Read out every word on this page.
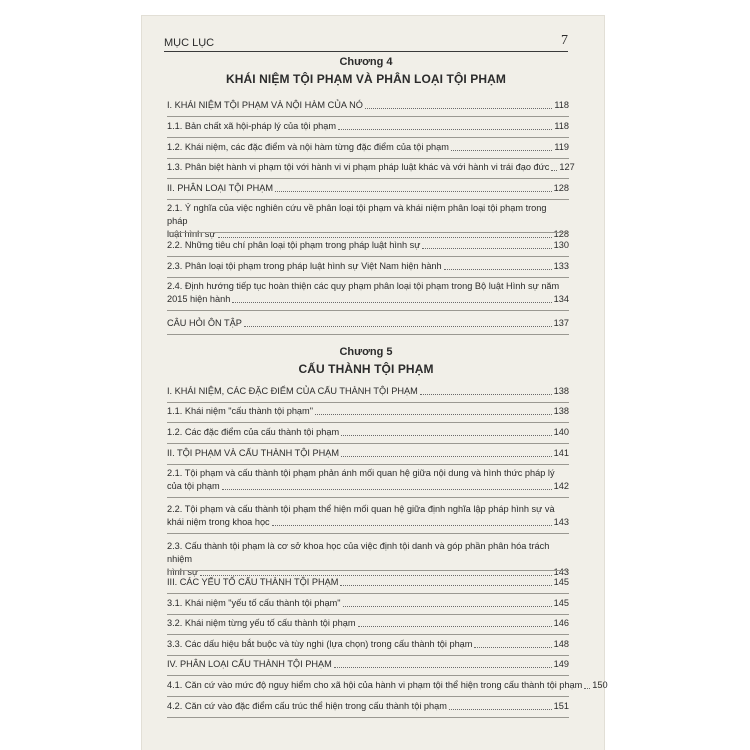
MỤC LỤC	7
Chương 4
KHÁI NIỆM TỘI PHẠM VÀ PHÂN LOẠI TỘI PHẠM
Chương 5
CẤU THÀNH TỘI PHẠM
I. KHÁI NIỆM TỘI PHẠM VÀ NỘI HÀM CỦA NÓ	118
1.1. Bản chất xã hội-pháp lý của tội phạm	118
1.2. Khái niệm, các đặc điểm và nội hàm từng đặc điểm của tội phạm	119
1.3. Phân biệt hành vi phạm tội với hành vi vi phạm pháp luật khác và với hành vi trái đạo đức 127
II. PHÂN LOẠI TỘI PHẠM	128
2.1. Ý nghĩa của việc nghiên cứu về phân loại tội phạm và khái niệm phân loại tội phạm trong pháp
luật hình sự	128
2.2. Những tiêu chí phân loại tội phạm trong pháp luật hình sự	130
2.3. Phân loại tội phạm trong pháp luật hình sự Việt Nam hiện hành	133
2.4. Định hướng tiếp tục hoàn thiện các quy phạm phân loại tội phạm trong Bộ luật Hình sự năm
2015 hiện hành	134
CÂU HỎI ÔN TẬP	137
I. KHÁI NIỆM, CÁC ĐẶC ĐIỂM CỦA CẤU THÀNH TỘI PHẠM	138
1.1. Khái niệm "cấu thành tội phạm"	138
1.2. Các đặc điểm của cấu thành tội phạm	140
II. TỘI PHẠM VÀ CẤU THÀNH TỘI PHẠM	141
2.1. Tội phạm và cấu thành tội phạm phản ánh mối quan hệ giữa nội dung và hình thức pháp lý
của tội phạm	142
2.2. Tội phạm và cấu thành tội phạm thể hiện mối quan hệ giữa định nghĩa lập pháp hình sự và
khái niệm trong khoa học	143
2.3. Cấu thành tội phạm là cơ sở khoa học của việc định tội danh và góp phần phân hóa trách nhiệm
hình sự	143
III. CÁC YẾU TỐ CẤU THÀNH TỘI PHẠM	145
3.1. Khái niệm "yếu tố cấu thành tội phạm"	145
3.2. Khái niệm từng yếu tố cấu thành tội phạm	146
3.3. Các dấu hiệu bắt buộc và tùy nghi (lựa chọn) trong cấu thành tội phạm	148
IV. PHÂN LOẠI CẤU THÀNH TỘI PHẠM	149
4.1. Căn cứ vào mức độ nguy hiểm cho xã hội của hành vi phạm tội thể hiện trong cấu thành tội phạm 150
4.2. Căn cứ vào đặc điểm cấu trúc thể hiện trong cấu thành tội phạm	151
